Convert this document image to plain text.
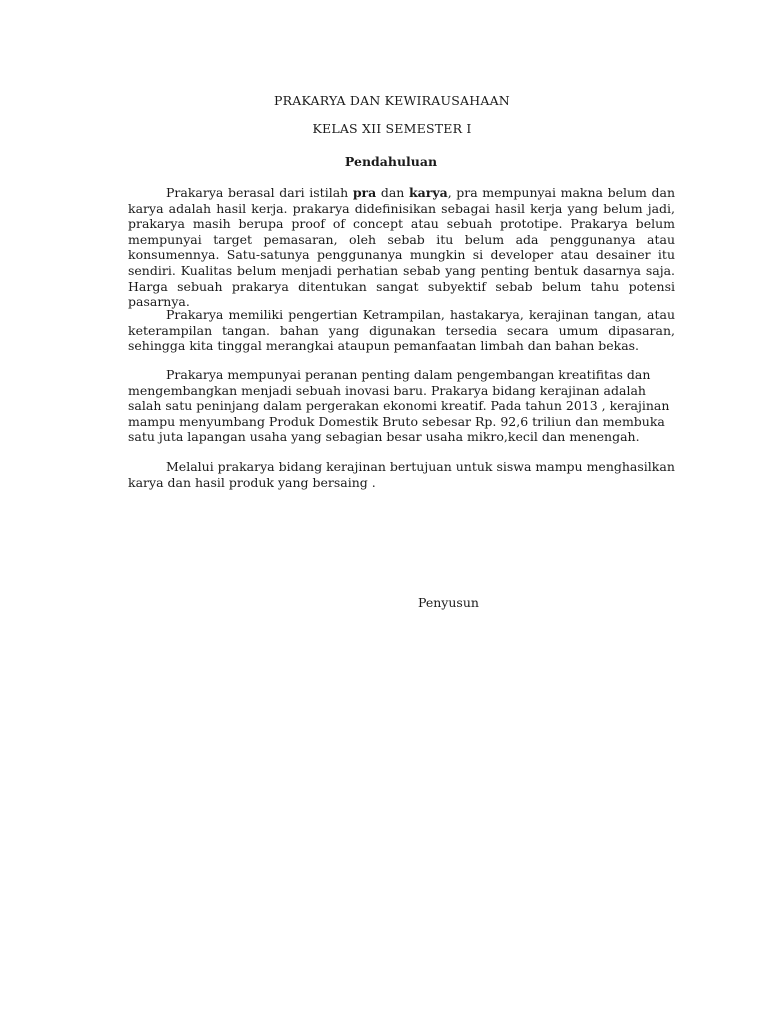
PRAKARYA DAN KEWIRAUSAHAAN
KELAS XII SEMESTER I
Pendahuluan

Prakarya berasal dari istilah pra dan karya, pra mempunyai makna belum dan karya adalah hasil kerja. prakarya didefinisikan sebagai hasil kerja yang belum jadi, prakarya masih berupa proof of concept atau sebuah prototipe. Prakarya belum mempunyai target pemasaran, oleh sebab itu belum ada penggunanya atau konsumennya. Satu-satunya penggunanya mungkin si developer atau desainer itu sendiri. Kualitas belum menjadi perhatian sebab yang penting bentuk dasarnya saja. Harga sebuah prakarya ditentukan sangat subyektif sebab belum tahu potensi pasarnya.

Prakarya memiliki pengertian Ketrampilan, hastakarya, kerajinan tangan, atau keterampilan tangan. bahan yang digunakan tersedia secara umum dipasaran, sehingga kita tinggal merangkai ataupun pemanfaatan limbah dan bahan bekas.

Prakarya mempunyai peranan penting dalam pengembangan kreatifitas dan mengembangkan menjadi sebuah inovasi baru. Prakarya bidang kerajinan adalah salah satu peninjang dalam pergerakan ekonomi kreatif. Pada tahun 2013 , kerajinan mampu menyumbang Produk Domestik Bruto sebesar Rp. 92,6 triliun dan membuka satu juta lapangan usaha yang sebagian besar usaha mikro,kecil dan menengah.

Melalui prakarya bidang kerajinan bertujuan untuk siswa mampu menghasilkan karya dan hasil produk yang bersaing .

Penyusun
